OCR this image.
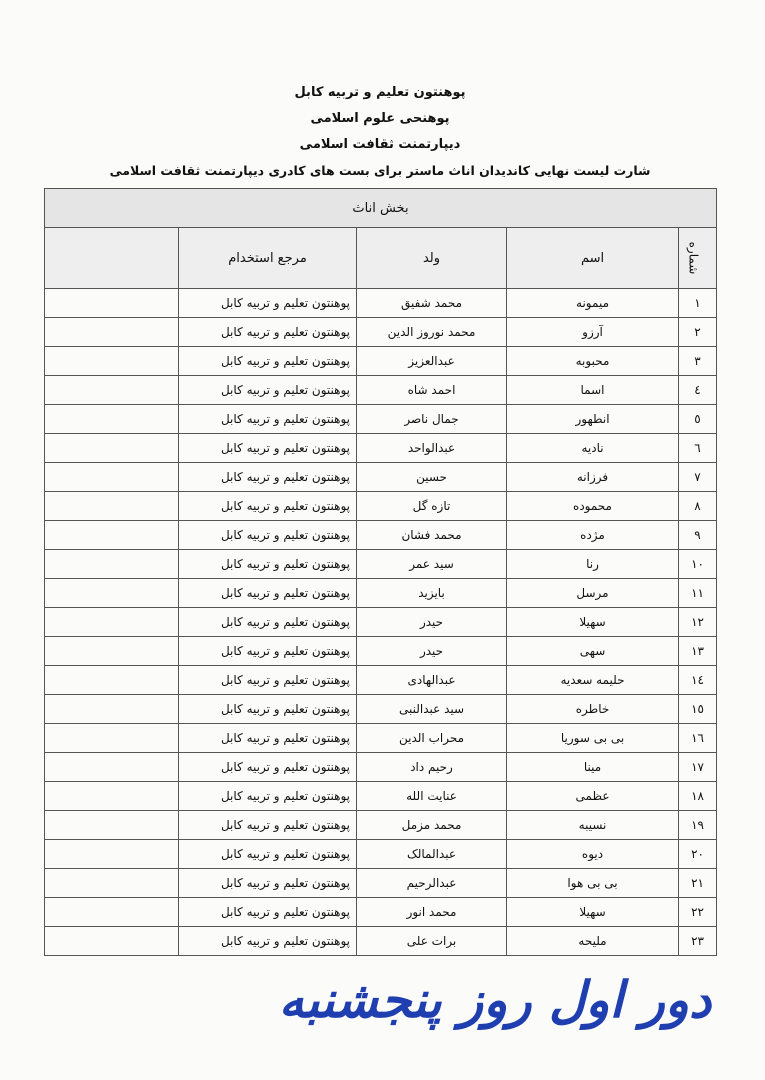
پوهنتون تعلیم و تربیه کابل
پوهنحی علوم اسلامی
دیپارتمنت ثقافت اسلامی
شارت لیست نهایی کاندیدان اناث ماستر برای بست های کادری دیپارتمنت ثقافت اسلامی
بخش اناث				
شماره	اسم	ولد	مرجع استخدام	
۱	میمونه	محمد شفیق	پوهنتون تعلیم و تربیه کابل	
۲	آرزو	محمد نوروز الدین	پوهنتون تعلیم و تربیه کابل	
۳	محبوبه	عبدالعزیز	پوهنتون تعلیم و تربیه کابل	
٤	اسما	احمد شاه	پوهنتون تعلیم و تربیه کابل	
٥	انطهور	جمال ناصر	پوهنتون تعلیم و تربیه کابل	
٦	نادیه	عبدالواحد	پوهنتون تعلیم و تربیه کابل	
۷	فرزانه	حسین	پوهنتون تعلیم و تربیه کابل	
۸	محموده	تازه گل	پوهنتون تعلیم و تربیه کابل	
۹	مژده	محمد فشان	پوهنتون تعلیم و تربیه کابل	
۱۰	رنا	سید عمر	پوهنتون تعلیم و تربیه کابل	
۱۱	مرسل	بایزید	پوهنتون تعلیم و تربیه کابل	
۱۲	سهیلا	حیدر	پوهنتون تعلیم و تربیه کابل	
۱۳	سهی	حیدر	پوهنتون تعلیم و تربیه کابل	
۱٤	حلیمه سعدیه	عبدالهادی	پوهنتون تعلیم و تربیه کابل	
۱٥	خاطره	سید عبدالنبی	پوهنتون تعلیم و تربیه کابل	
۱٦	بی بی سوریا	محراب الدین	پوهنتون تعلیم و تربیه کابل	
۱۷	مینا	رحیم داد	پوهنتون تعلیم و تربیه کابل	
۱۸	عظمی	عنایت الله	پوهنتون تعلیم و تربیه کابل	
۱۹	نسیبه	محمد مزمل	پوهنتون تعلیم و تربیه کابل	
۲۰	دیوه	عبدالمالک	پوهنتون تعلیم و تربیه کابل	
۲۱	بی بی هوا	عبدالرحیم	پوهنتون تعلیم و تربیه کابل	
۲۲	سهیلا	محمد انور	پوهنتون تعلیم و تربیه کابل	
۲۳	ملیحه	برات علی	پوهنتون تعلیم و تربیه کابل	
دور اول روز پنجشنبه
